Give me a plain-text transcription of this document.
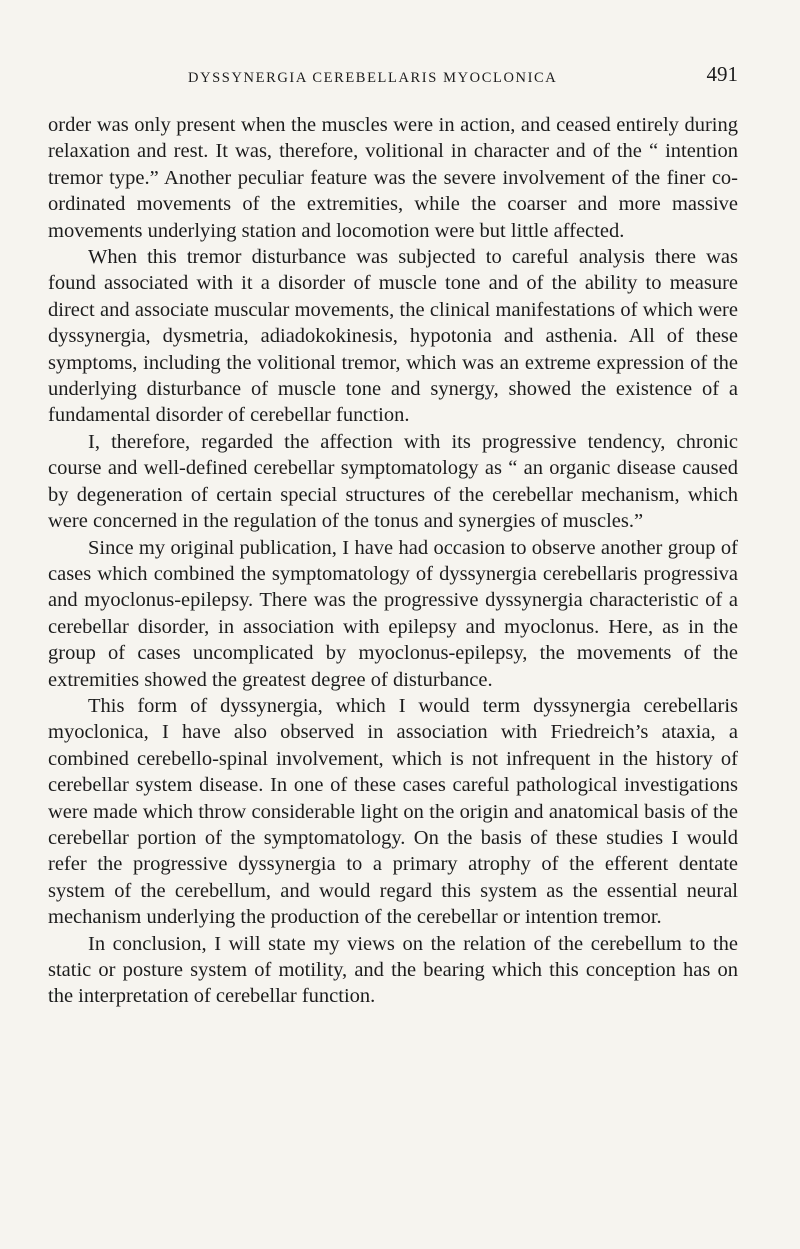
DYSSYNERGIA CEREBELLARIS MYOCLONICA	491

order was only present when the muscles were in action, and ceased entirely during relaxation and rest. It was, therefore, volitional in character and of the “ intention tremor type.” Another peculiar feature was the severe involvement of the finer co-ordinated movements of the extremities, while the coarser and more massive movements underlying station and locomotion were but little affected.

When this tremor disturbance was subjected to careful analysis there was found associated with it a disorder of muscle tone and of the ability to measure direct and associate muscular movements, the clinical manifestations of which were dyssynergia, dysmetria, adiadokokinesis, hypotonia and asthenia. All of these symptoms, including the volitional tremor, which was an extreme expression of the underlying disturbance of muscle tone and synergy, showed the existence of a fundamental disorder of cerebellar function.

I, therefore, regarded the affection with its progressive tendency, chronic course and well-defined cerebellar symptomatology as “ an organic disease caused by degeneration of certain special structures of the cerebellar mechanism, which were concerned in the regulation of the tonus and synergies of muscles.”

Since my original publication, I have had occasion to observe another group of cases which combined the symptomatology of dyssynergia cerebellaris progressiva and myoclonus-epilepsy. There was the progressive dyssynergia characteristic of a cerebellar disorder, in association with epilepsy and myoclonus. Here, as in the group of cases uncomplicated by myoclonus-epilepsy, the movements of the extremities showed the greatest degree of disturbance.

This form of dyssynergia, which I would term dyssynergia cerebellaris myoclonica, I have also observed in association with Friedreich’s ataxia, a combined cerebello-spinal involvement, which is not infrequent in the history of cerebellar system disease. In one of these cases careful pathological investigations were made which throw considerable light on the origin and anatomical basis of the cerebellar portion of the symptomatology. On the basis of these studies I would refer the progressive dyssynergia to a primary atrophy of the efferent dentate system of the cerebellum, and would regard this system as the essential neural mechanism underlying the production of the cerebellar or intention tremor.

In conclusion, I will state my views on the relation of the cerebellum to the static or posture system of motility, and the bearing which this conception has on the interpretation of cerebellar function.
